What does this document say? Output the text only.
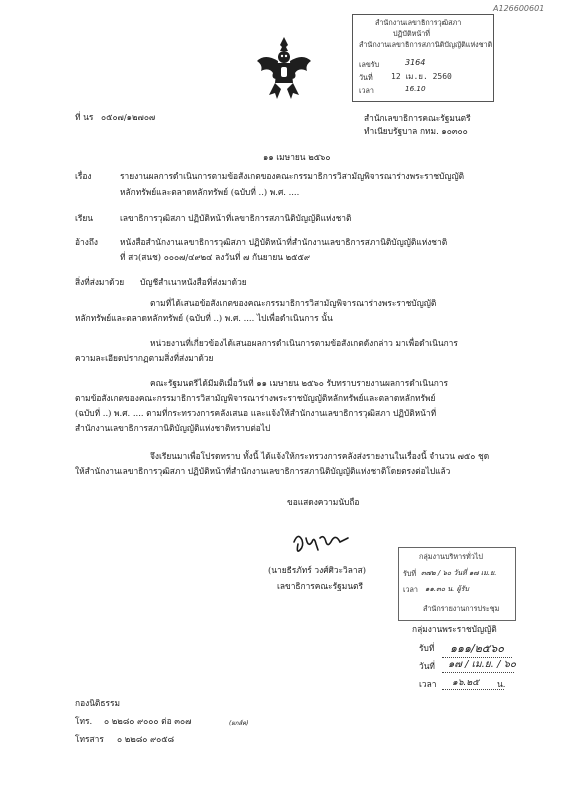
A126600601
สำนักงานเลขาธิการวุฒิสภา
ปฏิบัติหน้าที่
สำนักงานเลขาธิการสภานิติบัญญัติแห่งชาติ
เลขรับ	3164
วันที่ 12 เม.ย. 2560
เวลา	16.10
ที่ นร ๐๕๐๗/๑๒๗๐๗	สำนักเลขาธิการคณะรัฐมนตรี
ทำเนียบรัฐบาล กทม. ๑๐๓๐๐
๑๑ เมษายน ๒๕๖๐
เรื่อง	รายงานผลการดำเนินการตามข้อสังเกตของคณะกรรมาธิการวิสามัญพิจารณาร่างพระราชบัญญัติ
หลักทรัพย์และตลาดหลักทรัพย์ (ฉบับที่ ..) พ.ศ. ....
เรียน	เลขาธิการวุฒิสภา ปฏิบัติหน้าที่เลขาธิการสภานิติบัญญัติแห่งชาติ
อ้างถึง	หนังสือสำนักงานเลขาธิการวุฒิสภา ปฏิบัติหน้าที่สำนักงานเลขาธิการสภานิติบัญญัติแห่งชาติ
ที่ สว(สนช) ๐๐๐๗/๔๙๒๔ ลงวันที่ ๗ กันยายน ๒๕๕๙
สิ่งที่ส่งมาด้วย บัญชีสำเนาหนังสือที่ส่งมาด้วย

ตามที่ได้เสนอข้อสังเกตของคณะกรรมาธิการวิสามัญพิจารณาร่างพระราชบัญญัติ

หลักทรัพย์และตลาดหลักทรัพย์ (ฉบับที่ ..) พ.ศ. .... ไปเพื่อดำเนินการ นั้น

หน่วยงานที่เกี่ยวข้องได้เสนอผลการดำเนินการตามข้อสังเกตดังกล่าว มาเพื่อดำเนินการ

ความละเอียดปรากฏตามสิ่งที่ส่งมาด้วย

คณะรัฐมนตรีได้มีมติเมื่อวันที่ ๑๑ เมษายน ๒๕๖๐ รับทราบรายงานผลการดำเนินการ

ตามข้อสังเกตของคณะกรรมาธิการวิสามัญพิจารณาร่างพระราชบัญญัติหลักทรัพย์และตลาดหลักทรัพย์

(ฉบับที่ ..) พ.ศ. .... ตามที่กระทรวงการคลังเสนอ และแจ้งให้สำนักงานเลขาธิการวุฒิสภา ปฏิบัติหน้าที่

สำนักงานเลขาธิการสภานิติบัญญัติแห่งชาติทราบต่อไป

จึงเรียนมาเพื่อโปรดทราบ ทั้งนี้ ได้แจ้งให้กระทรวงการคลังส่งรายงานในเรื่องนี้ จำนวน ๗๕๐ ชุด

ให้สำนักงานเลขาธิการวุฒิสภา ปฏิบัติหน้าที่สำนักงานเลขาธิการสภานิติบัญญัติแห่งชาติโดยตรงต่อไปแล้ว

ขอแสดงความนับถือ
(นายธีรภัทร์ วงศ์ศิวะวิลาส)
เลขาธิการคณะรัฐมนตรี
กลุ่มงานบริหารทั่วไป
รับที่ ๓๗๒ / ๖๐ วันที่ ๑๗ เม.ย.
เวลา ๑๑.๓๐ น. ผู้รับ
สำนักรายงานการประชุม
กลุ่มงานพระราชบัญญัติ
รับที่	๑๑๑/๒๕๖๐
วันที่	๑๗ / เม.ย. / ๖๐
เวลา	๑๖.๒๕	น.
กองนิติธรรม
โทร. ๐ ๒๒๘๐ ๙๐๐๐ ต่อ ๓๐๗	(ผกส์ค)
โทรสาร ๐ ๒๒๘๐ ๙๐๕๘
